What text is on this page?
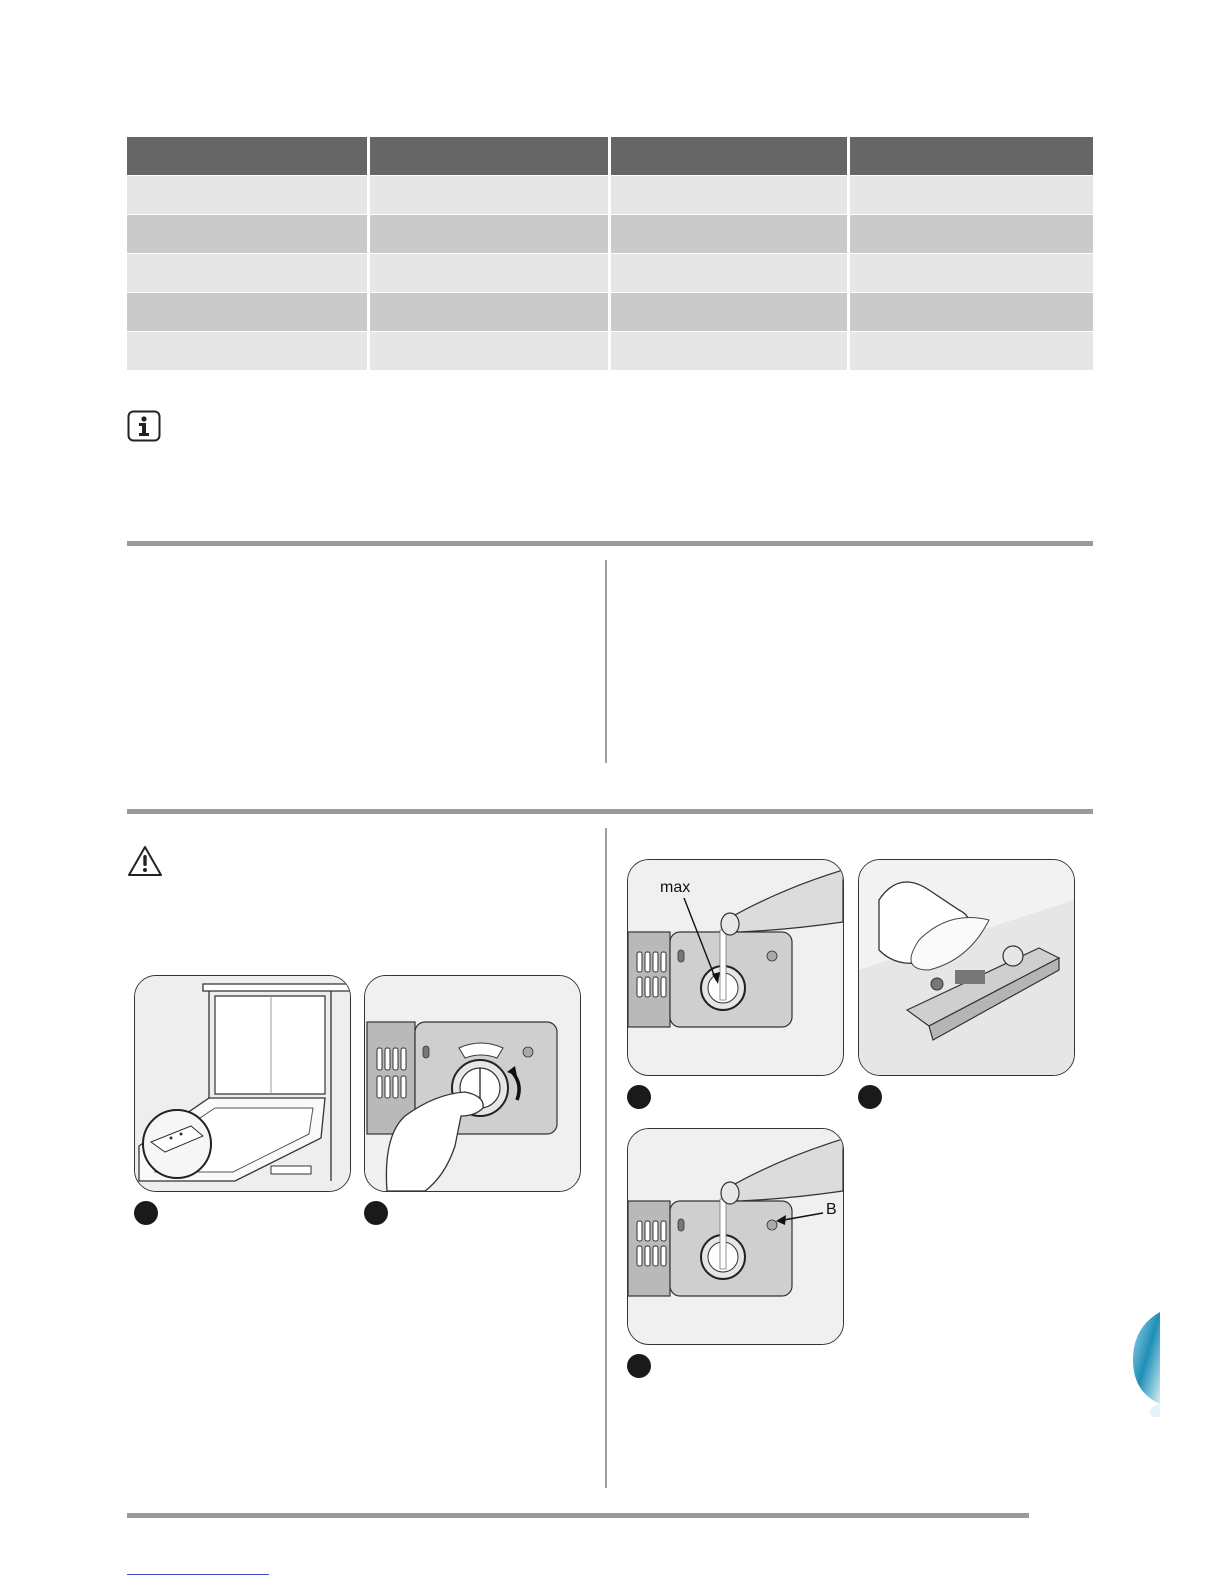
max
B
